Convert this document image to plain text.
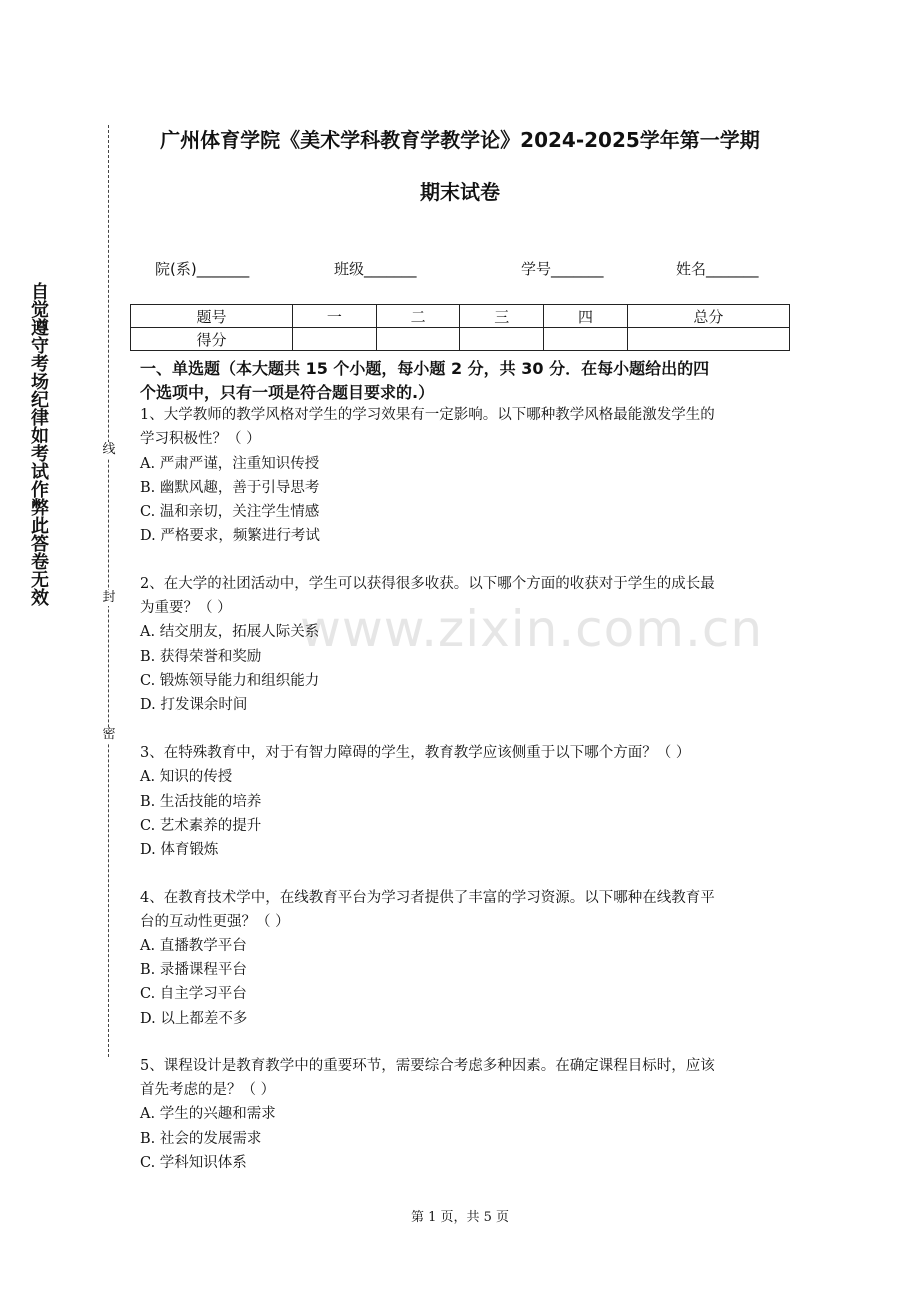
自觉遵守考场纪律如考试作弊此答卷无效	线
封
密
广州体育学院《美术学科教育学教学论》2024-2025学年第一学期
期末试卷
院(系)_______	班级_______	学号_______	姓名_______
题号	一	二	三	四	总分
得分					
一、单选题（本大题共 15 个小题，每小题 2 分，共 30 分．在每小题给出的四
个选项中，只有一项是符合题目要求的.）
www.zixin.com.cn
1、大学教师的教学风格对学生的学习效果有一定影响。以下哪种教学风格最能激发学生的
学习积极性？（ ）
A. 严肃严谨，注重知识传授
B. 幽默风趣，善于引导思考
C. 温和亲切，关注学生情感
D. 严格要求，频繁进行考试
2、在大学的社团活动中，学生可以获得很多收获。以下哪个方面的收获对于学生的成长最
为重要？（ ）
A. 结交朋友，拓展人际关系
B. 获得荣誉和奖励
C. 锻炼领导能力和组织能力
D. 打发课余时间
3、在特殊教育中，对于有智力障碍的学生，教育教学应该侧重于以下哪个方面？（ ）
A. 知识的传授
B. 生活技能的培养
C. 艺术素养的提升
D. 体育锻炼
4、在教育技术学中，在线教育平台为学习者提供了丰富的学习资源。以下哪种在线教育平
台的互动性更强？（ ）
A. 直播教学平台
B. 录播课程平台
C. 自主学习平台
D. 以上都差不多
5、课程设计是教育教学中的重要环节，需要综合考虑多种因素。在确定课程目标时，应该
首先考虑的是？（ ）
A. 学生的兴趣和需求
B. 社会的发展需求
C. 学科知识体系
第 1 页，共 5 页
